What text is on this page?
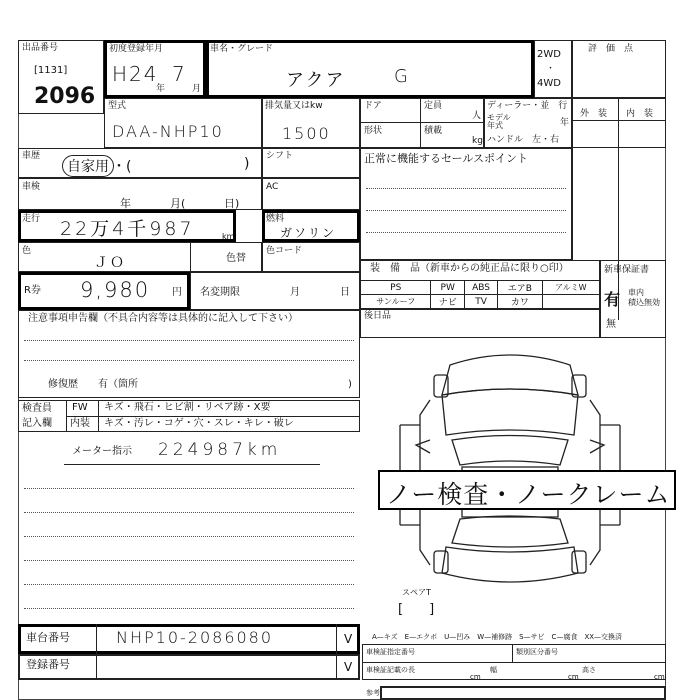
出品番号
[1131]
2096
初度登録年月
H24
年
7
月
車名・グレード
アクア	G
2WD
・
4WD
評　価　点
型式
DAA-NHP10
排気量又はkw
1500
ドア	定員
人
形状	積載
kg
ディーラー・並　行
モデル
年式	年
ハンドル　左・右
外　装 内　装
車歴
自家用 ・(	) シフト	正常に機能するセールスポイント
車検
年	月(	日)
AC
走行 22万4千987	km
燃料
ガソリン
色
ＪＯ	色替
色コード
装　備　品（新車からの純正品に限り○印）
PS	PW	ABS	エアB	アルミW
サンルーフ	ナビ	TV	カワ	
後日品
新車保証書
有 車内
積込無効
無
R券 9,980 円 名変期限	月	日
注意事項申告欄（不具合内容等は具体的に記入して下さい）
修復歴　　有（箇所	)
検査員
記入欄
FW キズ・飛石・ヒビ割・リペア跡・X要
内装 キズ・汚レ・コゲ・穴・スレ・キレ・破レ
メーター指示 224987km
ノー検査・ノークレーム
スペアT
[　　]
車台番号	NHP10-2086080	V
登録番号	V
A—キズ　E—エクボ　U—凹み　W—補修跡　S—サビ　C—腐食　XX—交換済
車検証指定番号	類別区分番号
車検証記載の長
cm
幅
cm
高さ
cm
参考
